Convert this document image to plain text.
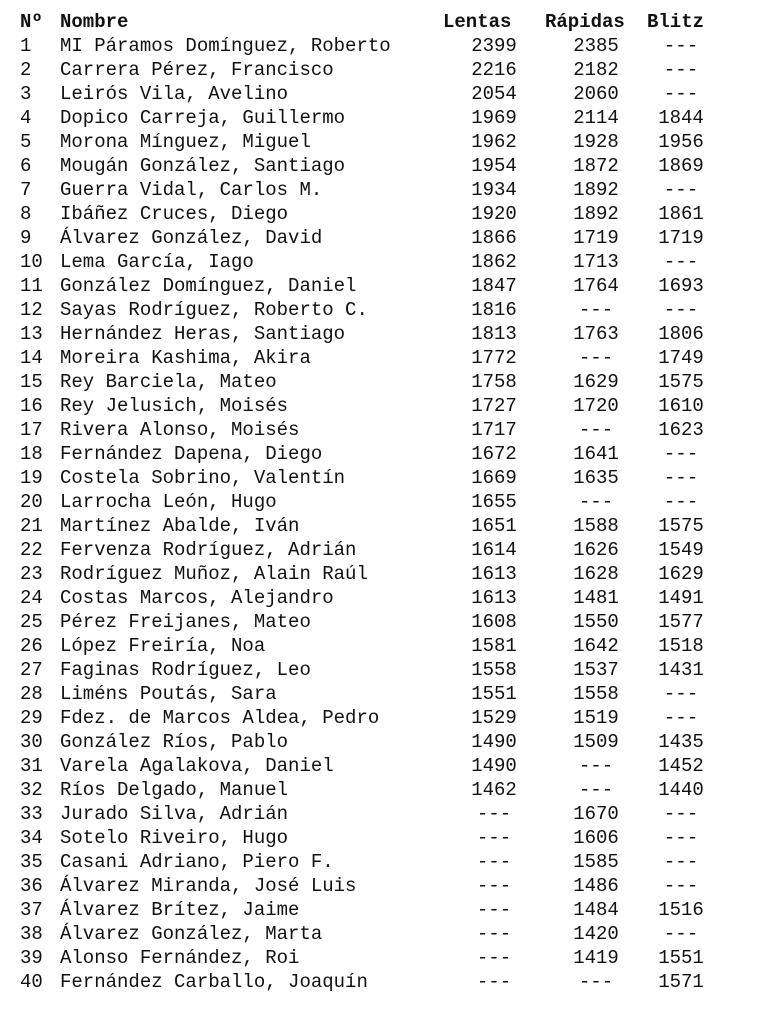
Nº	Nombre	Lentas	Rápidas	Blitz
1	MI Páramos Domínguez, Roberto	2399	2385	---
2	Carrera Pérez, Francisco	2216	2182	---
3	Leirós Vila, Avelino	2054	2060	---
4	Dopico Carreja, Guillermo	1969	2114	1844
5	Morona Mínguez, Miguel	1962	1928	1956
6	Mougán González, Santiago	1954	1872	1869
7	Guerra Vidal, Carlos M.	1934	1892	---
8	Ibáñez Cruces, Diego	1920	1892	1861
9	Álvarez González, David	1866	1719	1719
10	Lema García, Iago	1862	1713	---
11	González Domínguez, Daniel	1847	1764	1693
12	Sayas Rodríguez, Roberto C.	1816	---	---
13	Hernández Heras, Santiago	1813	1763	1806
14	Moreira Kashima, Akira	1772	---	1749
15	Rey Barciela, Mateo	1758	1629	1575
16	Rey Jelusich, Moisés	1727	1720	1610
17	Rivera Alonso, Moisés	1717	---	1623
18	Fernández Dapena, Diego	1672	1641	---
19	Costela Sobrino, Valentín	1669	1635	---
20	Larrocha León, Hugo	1655	---	---
21	Martínez Abalde, Iván	1651	1588	1575
22	Fervenza Rodríguez, Adrián	1614	1626	1549
23	Rodríguez Muñoz, Alain Raúl	1613	1628	1629
24	Costas Marcos, Alejandro	1613	1481	1491
25	Pérez Freijanes, Mateo	1608	1550	1577
26	López Freiría, Noa	1581	1642	1518
27	Faginas Rodríguez, Leo	1558	1537	1431
28	Liméns Poutás, Sara	1551	1558	---
29	Fdez. de Marcos Aldea, Pedro	1529	1519	---
30	González Ríos, Pablo	1490	1509	1435
31	Varela Agalakova, Daniel	1490	---	1452
32	Ríos Delgado, Manuel	1462	---	1440
33	Jurado Silva, Adrián	---	1670	---
34	Sotelo Riveiro, Hugo	---	1606	---
35	Casani Adriano, Piero F.	---	1585	---
36	Álvarez Miranda, José Luis	---	1486	---
37	Álvarez Brítez, Jaime	---	1484	1516
38	Álvarez González, Marta	---	1420	---
39	Alonso Fernández, Roi	---	1419	1551
40	Fernández Carballo, Joaquín	---	---	1571
